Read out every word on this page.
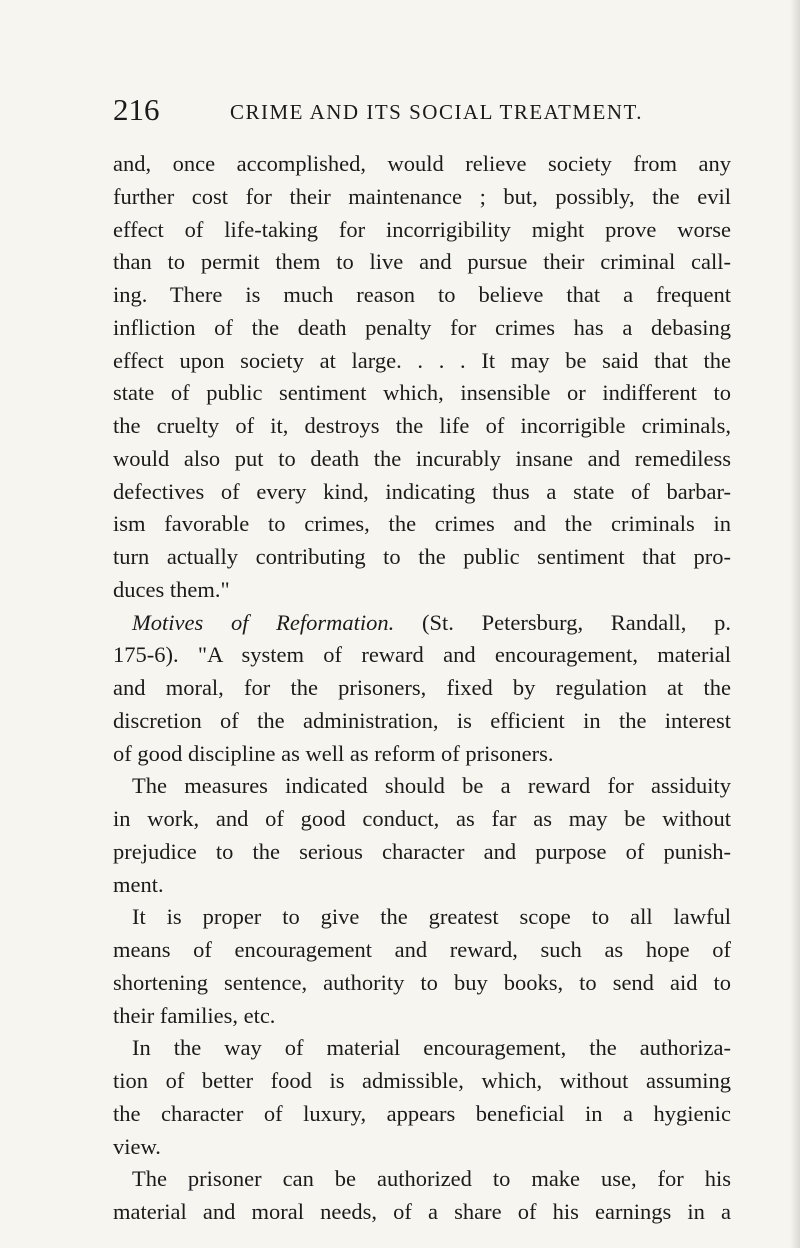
216	CRIME AND ITS SOCIAL TREATMENT.
and, once accomplished, would relieve society from any
further cost for their maintenance ; but, possibly, the evil
effect of life-taking for incorrigibility might prove worse
than to permit them to live and pursue their criminal call-
ing. There is much reason to believe that a frequent
infliction of the death penalty for crimes has a debasing
effect upon society at large. . . . It may be said that the
state of public sentiment which, insensible or indifferent to
the cruelty of it, destroys the life of incorrigible criminals,
would also put to death the incurably insane and remediless
defectives of every kind, indicating thus a state of barbar-
ism favorable to crimes, the crimes and the criminals in
turn actually contributing to the public sentiment that pro-
duces them."
Motives of Reformation. (St. Petersburg, Randall, p.
175-6). "A system of reward and encouragement, material
and moral, for the prisoners, fixed by regulation at the
discretion of the administration, is efficient in the interest
of good discipline as well as reform of prisoners.
The measures indicated should be a reward for assiduity
in work, and of good conduct, as far as may be without
prejudice to the serious character and purpose of punish-
ment.
It is proper to give the greatest scope to all lawful
means of encouragement and reward, such as hope of
shortening sentence, authority to buy books, to send aid to
their families, etc.
In the way of material encouragement, the authoriza-
tion of better food is admissible, which, without assuming
the character of luxury, appears beneficial in a hygienic
view.
The prisoner can be authorized to make use, for his
material and moral needs, of a share of his earnings in a
